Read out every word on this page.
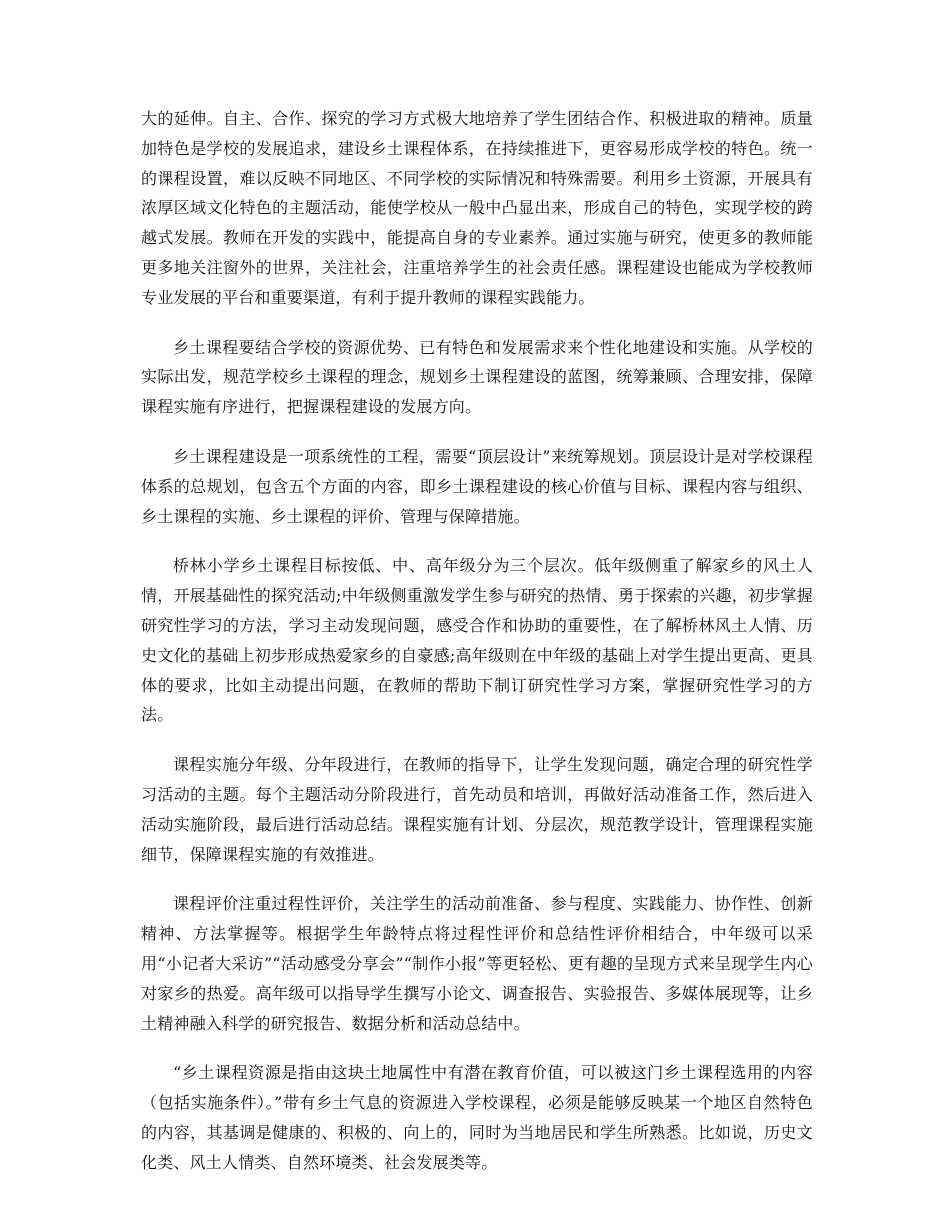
大的延伸。自主、合作、探究的学习方式极大地培养了学生团结合作、积极进取的精神。质量加特色是学校的发展追求，建设乡土课程体系，在持续推进下，更容易形成学校的特色。统一的课程设置，难以反映不同地区、不同学校的实际情况和特殊需要。利用乡土资源，开展具有浓厚区域文化特色的主题活动，能使学校从一般中凸显出来，形成自己的特色，实现学校的跨越式发展。教师在开发的实践中，能提高自身的专业素养。通过实施与研究，使更多的教师能更多地关注窗外的世界，关注社会，注重培养学生的社会责任感。课程建设也能成为学校教师专业发展的平台和重要渠道，有利于提升教师的课程实践能力。

乡土课程要结合学校的资源优势、已有特色和发展需求来个性化地建设和实施。从学校的实际出发，规范学校乡土课程的理念，规划乡土课程建设的蓝图，统筹兼顾、合理安排，保障课程实施有序进行，把握课程建设的发展方向。

乡土课程建设是一项系统性的工程，需要“顶层设计”来统筹规划。顶层设计是对学校课程体系的总规划，包含五个方面的内容，即乡土课程建设的核心价值与目标、课程内容与组织、乡土课程的实施、乡土课程的评价、管理与保障措施。

桥林小学乡土课程目标按低、中、高年级分为三个层次。低年级侧重了解家乡的风土人情，开展基础性的探究活动;中年级侧重激发学生参与研究的热情、勇于探索的兴趣，初步掌握研究性学习的方法，学习主动发现问题，感受合作和协助的重要性，在了解桥林风土人情、历史文化的基础上初步形成热爱家乡的自豪感;高年级则在中年级的基础上对学生提出更高、更具体的要求，比如主动提出问题，在教师的帮助下制订研究性学习方案，掌握研究性学习的方法。

课程实施分年级、分年段进行，在教师的指导下，让学生发现问题，确定合理的研究性学习活动的主题。每个主题活动分阶段进行，首先动员和培训，再做好活动准备工作，然后进入活动实施阶段，最后进行活动总结。课程实施有计划、分层次，规范教学设计，管理课程实施细节，保障课程实施的有效推进。

课程评价注重过程性评价，关注学生的活动前准备、参与程度、实践能力、协作性、创新精神、方法掌握等。根据学生年龄特点将过程性评价和总结性评价相结合，中年级可以采用“小记者大采访”“活动感受分享会”“制作小报”等更轻松、更有趣的呈现方式来呈现学生内心对家乡的热爱。高年级可以指导学生撰写小论文、调查报告、实验报告、多媒体展现等，让乡土精神融入科学的研究报告、数据分析和活动总结中。

“乡土课程资源是指由这块土地属性中有潜在教育价值，可以被这门乡土课程选用的内容（包括实施条件）。”带有乡土气息的资源进入学校课程，必须是能够反映某一个地区自然特色的内容，其基调是健康的、积极的、向上的，同时为当地居民和学生所熟悉。比如说，历史文化类、风土人情类、自然环境类、社会发展类等。
